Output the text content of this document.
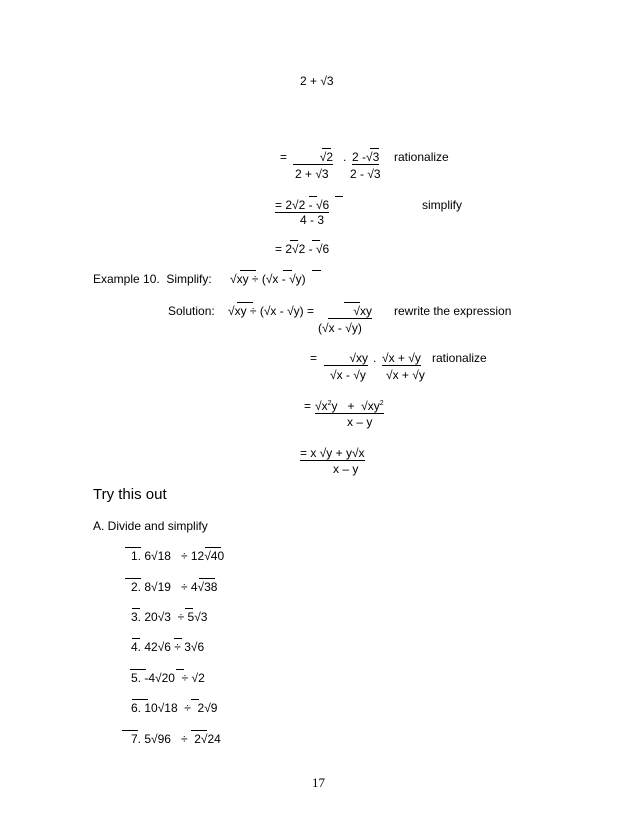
2 + √3
=	√2 . 2 -√3
2 + √3 2 - √3
rationalize
= 2√2 - √6
4 - 3
simplify
= 2√2 - √6
Example 10.  Simplify: √xy ÷ (√x - √y)
Solution: √xy ÷ (√x - √y) =	√xy
(√x - √y)
rewrite the expression
=	√xy . √x + √y
√x - √y √x + √y
rationalize
= $√x^2y + √xy^2$
x – y
= x √y + y√x
x – y
Try this out
A. Divide and simplify
1. 6√18   ÷ 12√40
2. 8√19   ÷ 4√38
3. 20√3  ÷ 5√3
4. 42√6 ÷ 3√6
5. -4√20  ÷ √2
6. 10√18  ÷  2√9
7. 5√96   ÷  2√24
17
